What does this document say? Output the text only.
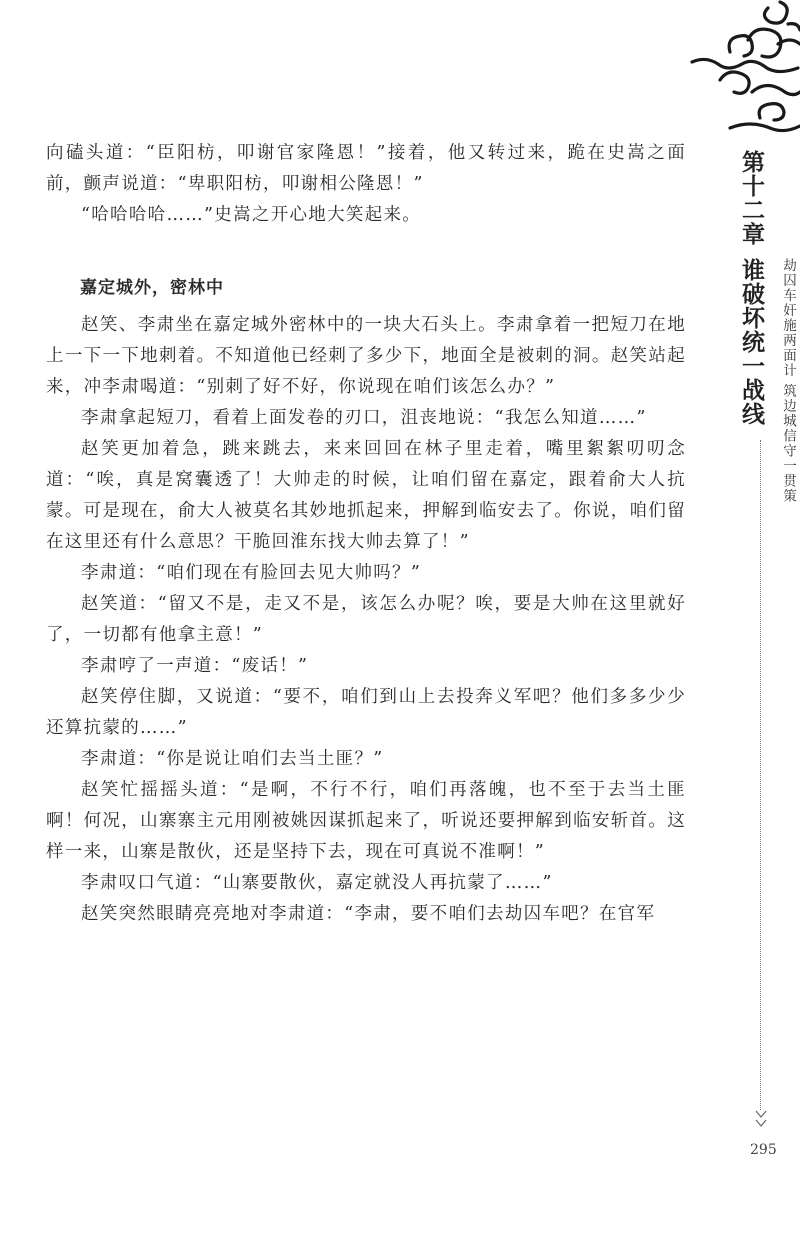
向磕头道：“臣阳枋，叩谢官家隆恩！”接着，他又转过来，跪在史嵩之面前，颤声说道：“卑职阳枋，叩谢相公隆恩！”

“哈哈哈哈……”史嵩之开心地大笑起来。

嘉定城外，密林中

赵笑、李肃坐在嘉定城外密林中的一块大石头上。李肃拿着一把短刀在地上一下一下地刺着。不知道他已经刺了多少下，地面全是被刺的洞。赵笑站起来，冲李肃喝道：“别刺了好不好，你说现在咱们该怎么办？”

李肃拿起短刀，看着上面发卷的刃口，沮丧地说：“我怎么知道……”

赵笑更加着急，跳来跳去，来来回回在林子里走着，嘴里絮絮叨叨念道：“唉，真是窝囊透了！大帅走的时候，让咱们留在嘉定，跟着俞大人抗蒙。可是现在，俞大人被莫名其妙地抓起来，押解到临安去了。你说，咱们留在这里还有什么意思？干脆回淮东找大帅去算了！”

李肃道：“咱们现在有脸回去见大帅吗？”

赵笑道：“留又不是，走又不是，该怎么办呢？唉，要是大帅在这里就好了，一切都有他拿主意！”

李肃哼了一声道：“废话！”

赵笑停住脚，又说道：“要不，咱们到山上去投奔义军吧？他们多多少少还算抗蒙的……”

李肃道：“你是说让咱们去当土匪？”

赵笑忙摇摇头道：“是啊，不行不行，咱们再落魄，也不至于去当土匪啊！何况，山寨寨主元用刚被姚因谋抓起来了，听说还要押解到临安斩首。这样一来，山寨是散伙，还是坚持下去，现在可真说不准啊！”

李肃叹口气道：“山寨要散伙，嘉定就没人再抗蒙了……”

赵笑突然眼睛亮亮地对李肃道：“李肃，要不咱们去劫囚车吧？在官军

第十二章
谁破坏统一战线 劫囚车奸施两面计 筑边城信守一贯策
295
